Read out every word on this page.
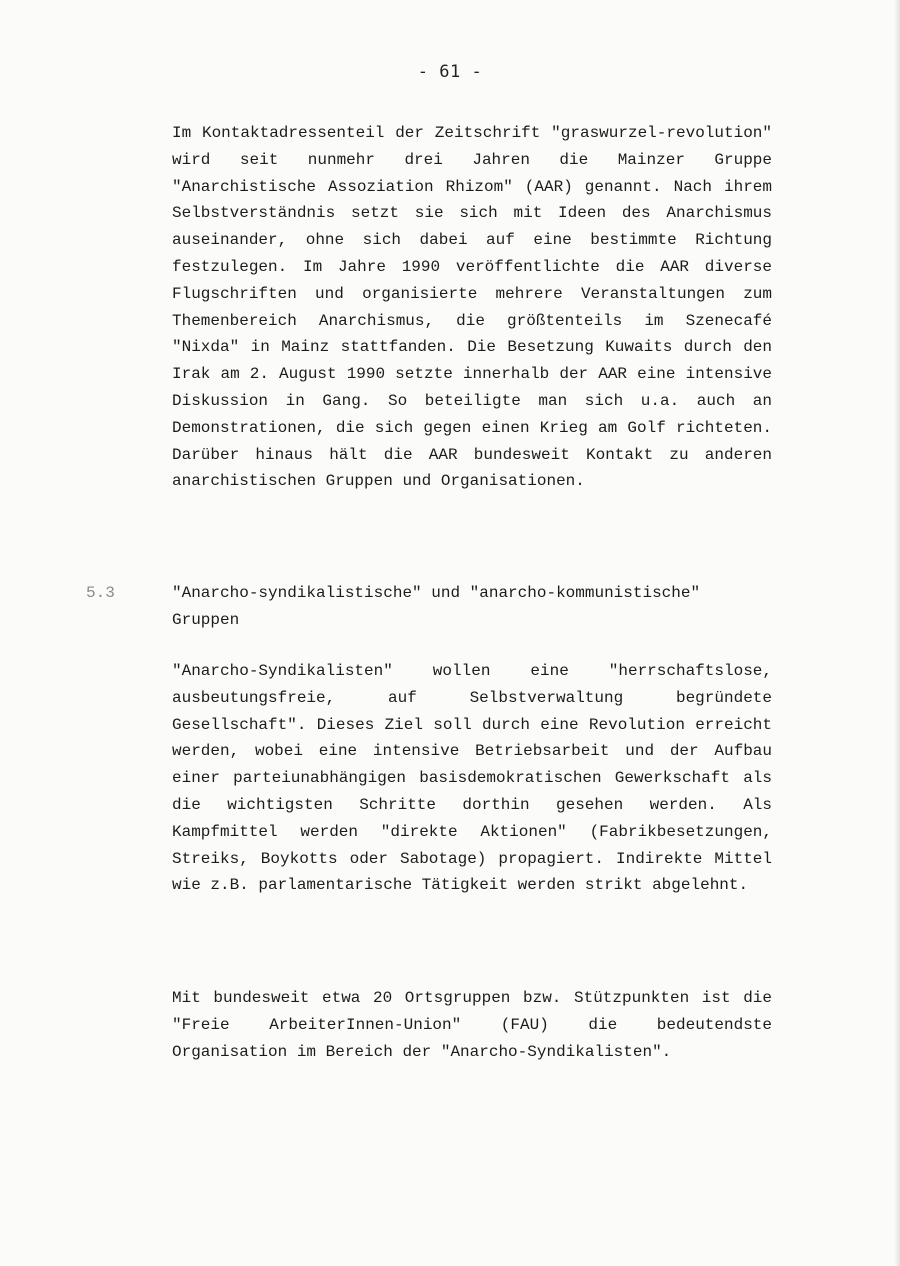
- 61 -

Im Kontaktadressenteil der Zeitschrift "graswurzel-revolution" wird seit nunmehr drei Jahren die Mainzer Gruppe "Anarchistische Assoziation Rhizom" (AAR) genannt. Nach ihrem Selbstverständnis setzt sie sich mit Ideen des Anarchismus auseinander, ohne sich dabei auf eine bestimmte Richtung festzulegen. Im Jahre 1990 veröffentlichte die AAR diverse Flugschriften und organisierte mehrere Veranstaltungen zum Themenbereich Anarchismus, die größtenteils im Szenecafé "Nixda" in Mainz stattfanden. Die Besetzung Kuwaits durch den Irak am 2. August 1990 setzte innerhalb der AAR eine intensive Diskussion in Gang. So beteiligte man sich u.a. auch an Demonstrationen, die sich gegen einen Krieg am Golf richteten. Darüber hinaus hält die AAR bundesweit Kontakt zu anderen anarchistischen Gruppen und Organisationen.

5.3	"Anarcho-syndikalistische" und "anarcho-kommunistische" Gruppen

"Anarcho-Syndikalisten" wollen eine "herrschaftslose, ausbeutungsfreie, auf Selbstverwaltung begründete Gesellschaft". Dieses Ziel soll durch eine Revolution erreicht werden, wobei eine intensive Betriebsarbeit und der Aufbau einer parteiunabhängigen basisdemokratischen Gewerkschaft als die wichtigsten Schritte dorthin gesehen werden. Als Kampfmittel werden "direkte Aktionen" (Fabrikbesetzungen, Streiks, Boykotts oder Sabotage) propagiert. Indirekte Mittel wie z.B. parlamentarische Tätigkeit werden strikt abgelehnt.

Mit bundesweit etwa 20 Ortsgruppen bzw. Stützpunkten ist die "Freie ArbeiterInnen-Union" (FAU) die bedeutendste Organisation im Bereich der "Anarcho-Syndikalisten".
